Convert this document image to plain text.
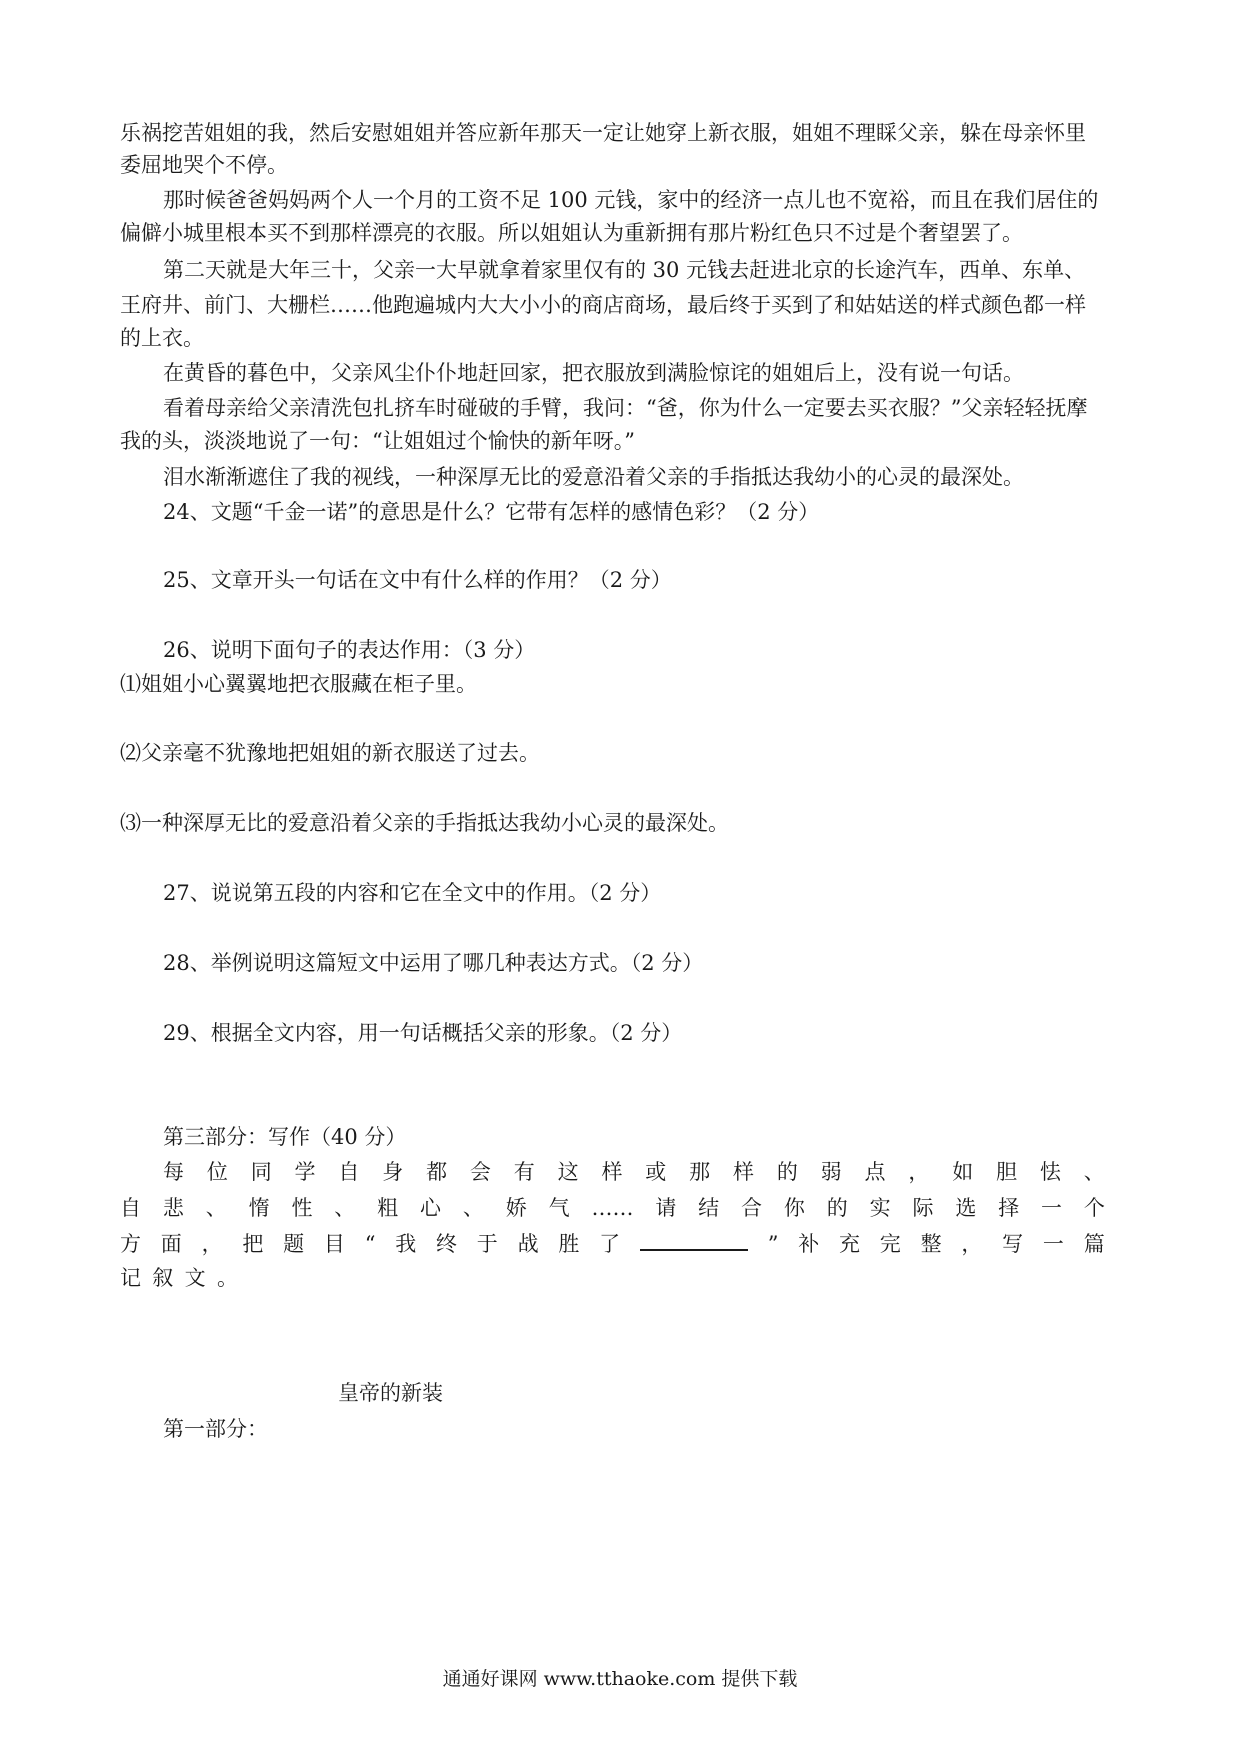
乐祸挖苦姐姐的我，然后安慰姐姐并答应新年那天一定让她穿上新衣服，姐姐不理睬父亲，躲在母亲怀里
委屈地哭个不停。
那时候爸爸妈妈两个人一个月的工资不足 100 元钱，家中的经济一点儿也不宽裕，而且在我们居住的
偏僻小城里根本买不到那样漂亮的衣服。所以姐姐认为重新拥有那片粉红色只不过是个奢望罢了。
第二天就是大年三十，父亲一大早就拿着家里仅有的 30 元钱去赶进北京的长途汽车，西单、东单、
王府井、前门、大栅栏……他跑遍城内大大小小的商店商场，最后终于买到了和姑姑送的样式颜色都一样
的上衣。
在黄昏的暮色中，父亲风尘仆仆地赶回家，把衣服放到满脸惊诧的姐姐后上，没有说一句话。
看着母亲给父亲清洗包扎挤车时碰破的手臂，我问：“爸，你为什么一定要去买衣服？”父亲轻轻抚摩
我的头，淡淡地说了一句：“让姐姐过个愉快的新年呀。”
泪水渐渐遮住了我的视线，一种深厚无比的爱意沿着父亲的手指抵达我幼小的心灵的最深处。
24、文题“千金一诺”的意思是什么？它带有怎样的感情色彩？（2 分）
25、文章开头一句话在文中有什么样的作用？（2 分）
26、说明下面句子的表达作用：（3 分）
⑴姐姐小心翼翼地把衣服藏在柜子里。
⑵父亲毫不犹豫地把姐姐的新衣服送了过去。
⑶一种深厚无比的爱意沿着父亲的手指抵达我幼小心灵的最深处。
27、说说第五段的内容和它在全文中的作用。（2 分）
28、举例说明这篇短文中运用了哪几种表达方式。（2 分）
29、根据全文内容，用一句话概括父亲的形象。（2 分）
第三部分：写作（40 分）
每 位 同 学 自 身 都 会 有 这 样 或 那 样 的 弱 点 ， 如 胆 怯 、
自 悲 、 惰 性 、 粗 心 、 娇 气 …… 请 结 合 你 的 实 际 选 择 一 个
方 面 ， 把 题 目 “ 我 终 于 战 胜 了	” 补 充 完 整 ， 写 一 篇
记 叙 文 。
皇帝的新装
第一部分：
通通好课网 www.tthaoke.com 提供下载
